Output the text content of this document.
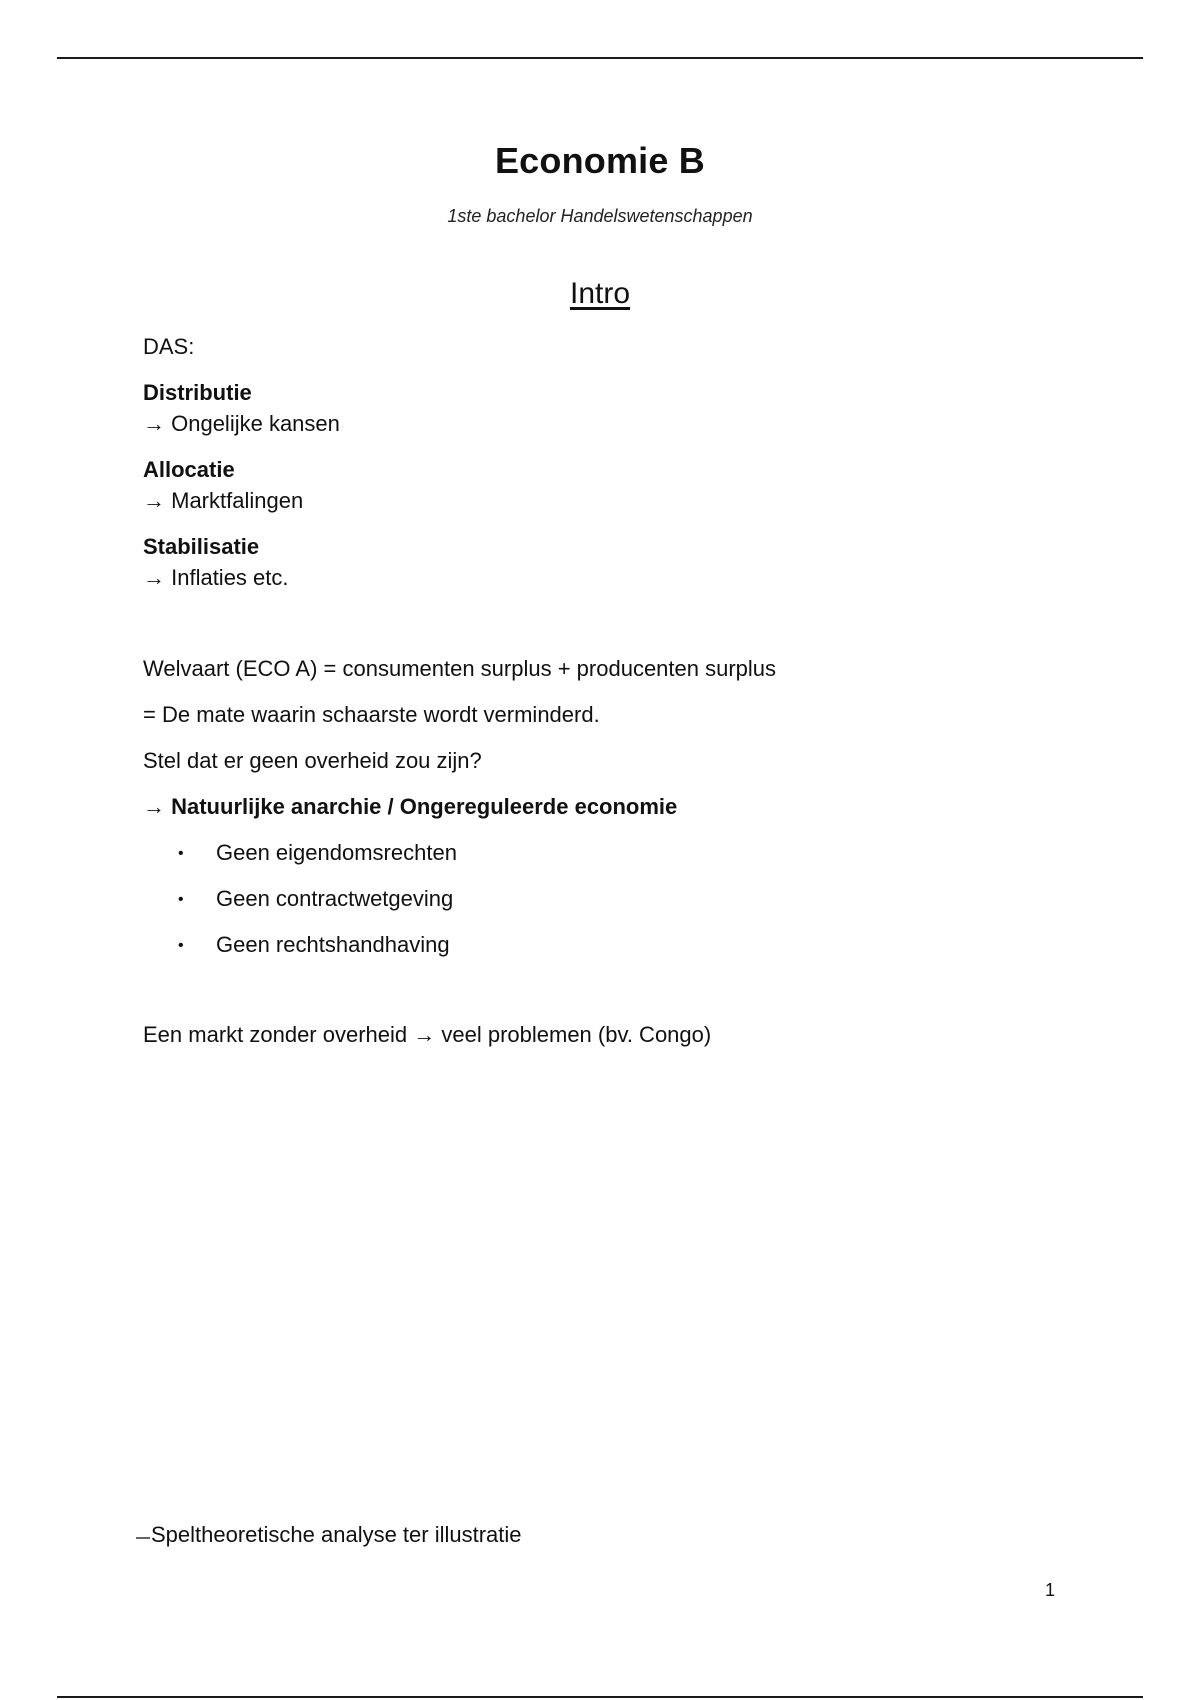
Economie B
1ste bachelor Handelswetenschappen
Intro
DAS:
Distributie
→ Ongelijke kansen
Allocatie
→ Marktfalingen
Stabilisatie
→ Inflaties etc.
Welvaart (ECO A) = consumenten surplus + producenten surplus
= De mate waarin schaarste wordt verminderd.
Stel dat er geen overheid zou zijn?
→ Natuurlijke anarchie / Ongereguleerde economie
• Geen eigendomsrechten
• Geen contractwetgeving
• Geen rechtshandhaving
Een markt zonder overheid → veel problemen (bv. Congo)
Speltheoretische analyse ter illustratie
1
